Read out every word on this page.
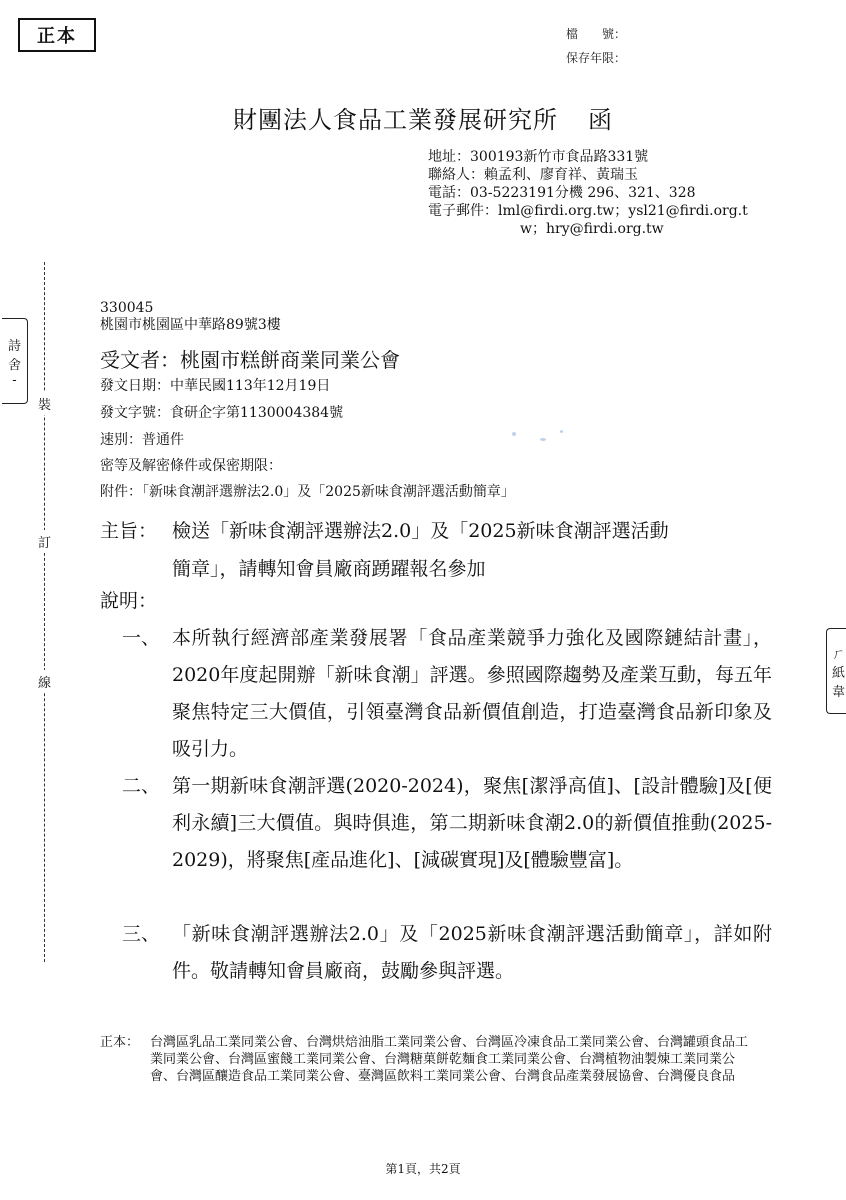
正本	檔　　號：
保存年限：
財團法人食品工業發展研究所 函
地址：300193新竹市食品路331號
聯絡人：賴孟利、廖育祥、黃瑞玉
電話：03-5223191分機 296、321、328
電子郵件：lml@firdi.org.tw；ysl21@firdi.org.t
w；hry@firdi.org.tw
裝
訂
線
詩
舍
-
ㄏ
紙
韋
330045
桃園市桃園區中華路89號3樓
受文者：桃園市糕餅商業同業公會
發文日期：中華民國113年12月19日
發文字號：食研企字第1130004384號
速別：普通件
密等及解密條件或保密期限：
附件：「新味食潮評選辦法2.0」及「2025新味食潮評選活動簡章」
主旨： 檢送「新味食潮評選辦法2.0」及「2025新味食潮評選活動
簡章」，請轉知會員廠商踴躍報名參加
說明：
一、 本所執行經濟部產業發展署「食品產業競爭力強化及國際鏈結計畫」，2020年度起開辦「新味食潮」評選。參照國際趨勢及產業互動，每五年聚焦特定三大價值，引領臺灣食品新價值創造，打造臺灣食品新印象及吸引力。
二、 第一期新味食潮評選(2020-2024)，聚焦[潔淨高值]、[設計體驗]及[便利永續]三大價值。與時俱進，第二期新味食潮2.0的新價值推動(2025-2029)，將聚焦[產品進化]、[減碳實現]及[體驗豐富]。
三、 「新味食潮評選辦法2.0」及「2025新味食潮評選活動簡章」，詳如附件。敬請轉知會員廠商，鼓勵參與評選。
正本： 台灣區乳品工業同業公會、台灣烘焙油脂工業同業公會、台灣區冷凍食品工業同業公會、台灣罐頭食品工業同業公會、台灣區蜜餞工業同業公會、台灣糖菓餅乾麵食工業同業公會、台灣植物油製煉工業同業公會、台灣區釀造食品工業同業公會、臺灣區飲料工業同業公會、台灣食品產業發展協會、台灣優良食品
第1頁，共2頁
